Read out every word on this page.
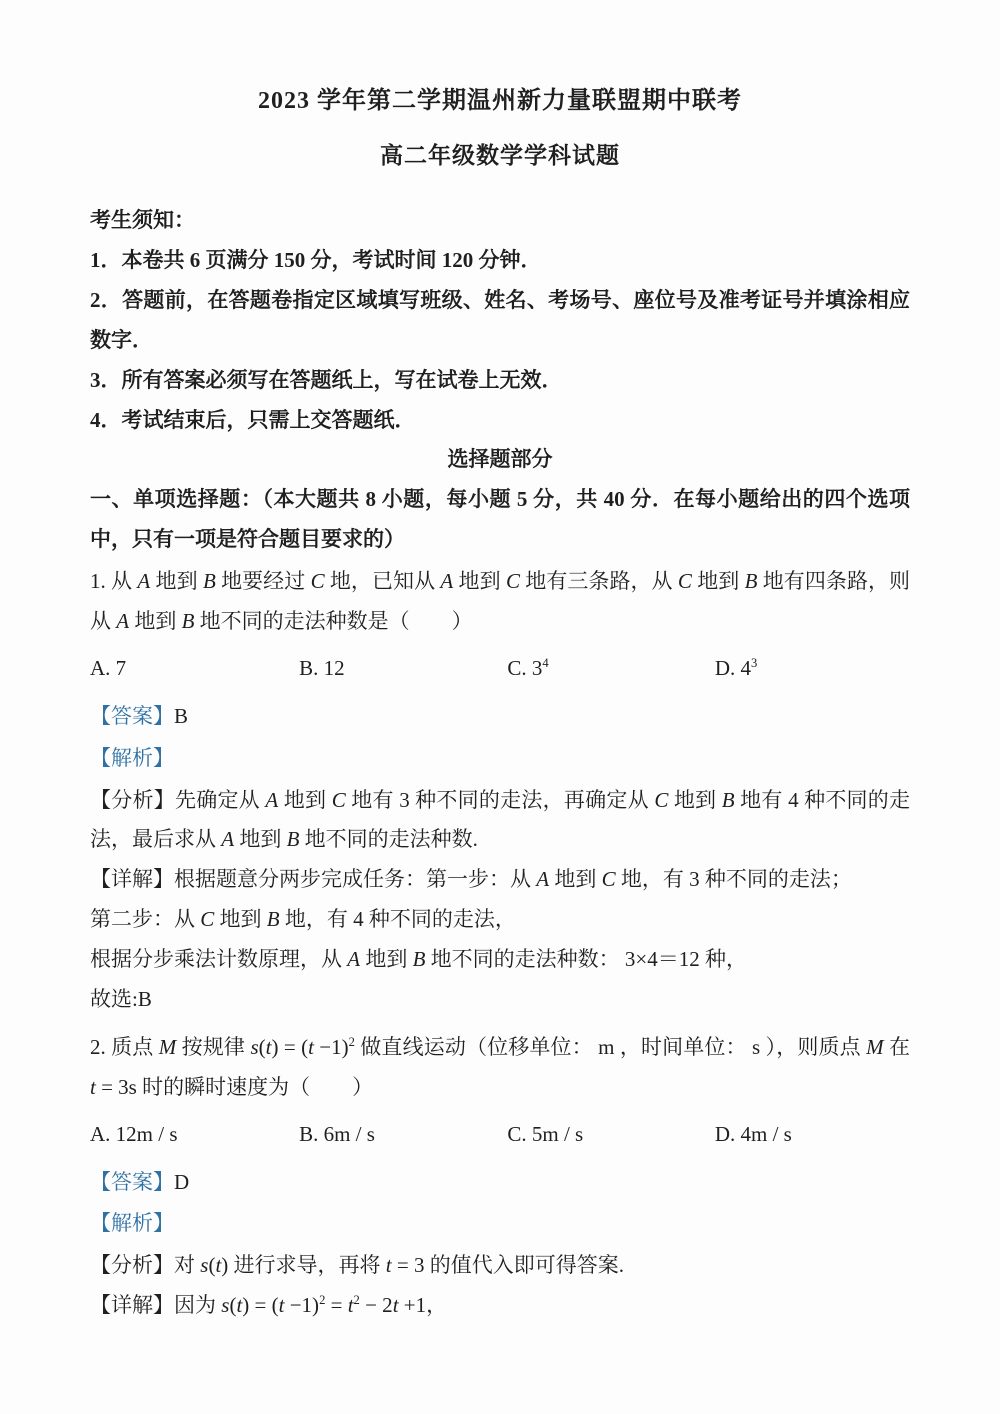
2023 学年第二学期温州新力量联盟期中联考
高二年级数学学科试题

考生须知：

1．本卷共 6 页满分 150 分，考试时间 120 分钟．

2．答题前，在答题卷指定区域填写班级、姓名、考场号、座位号及准考证号并填涂相应数字．

3．所有答案必须写在答题纸上，写在试卷上无效．

4．考试结束后，只需上交答题纸．

选择题部分

一、单项选择题：（本大题共 8 小题，每小题 5 分，共 40 分．在每小题给出的四个选项中，只有一项是符合题目要求的）

1. 从 A 地到 B 地要经过 C 地，已知从 A 地到 C 地有三条路，从 C 地到 B 地有四条路，则从 A 地到 B 地不同的走法种数是（　　）

A. 7	B. 12	C. $3^4$	D. $4^3$

【答案】B

【解析】

【分析】先确定从 A 地到 C 地有 3 种不同的走法，再确定从 C 地到 B 地有 4 种不同的走法，最后求从 A 地到 B 地不同的走法种数.

【详解】根据题意分两步完成任务：第一步：从 A 地到 C 地，有 3 种不同的走法；

第二步：从 C 地到 B 地，有 4 种不同的走法，

根据分步乘法计数原理，从 A 地到 B 地不同的走法种数： 3×4＝12 种，

故选:B

2. 质点 M 按规律 $s(t) = (t -1)^2$ 做直线运动（位移单位： m ，时间单位： s ），则质点 M 在 t = 3s 时的瞬时速度为（　　）

A. 12m / s	B. 6m / s	C. 5m / s	D. 4m / s

【答案】D

【解析】

【分析】对 s(t) 进行求导，再将 t = 3 的值代入即可得答案.

【详解】因为 $s(t) = (t -1)^2 = t^2 - 2t +1$，
